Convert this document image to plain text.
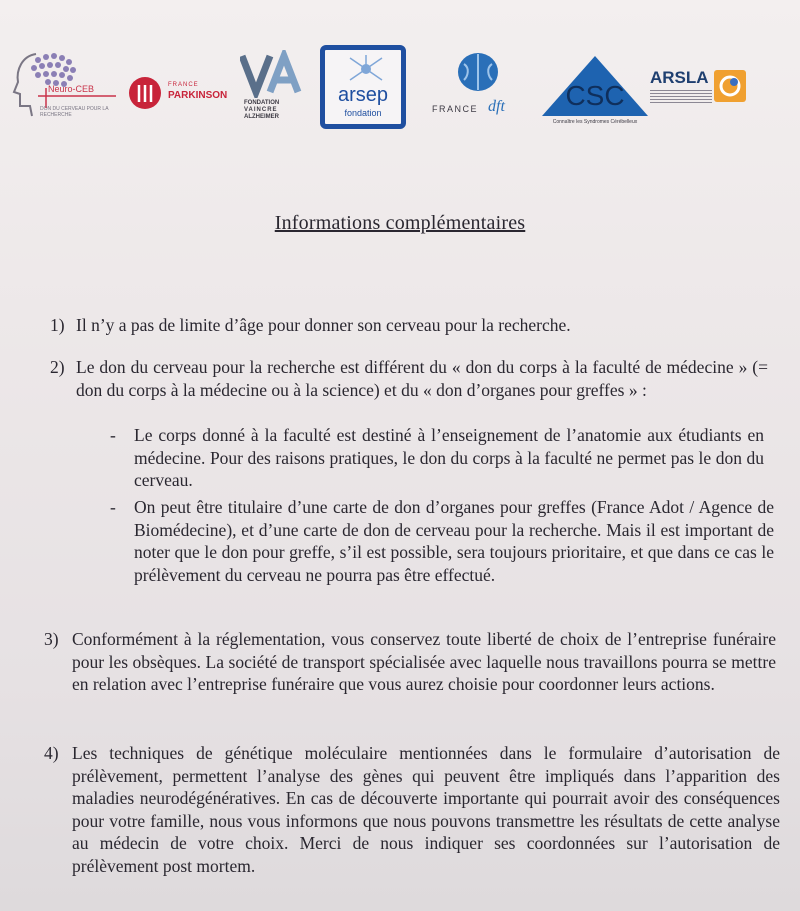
Neuro-CEB
DON DU CERVEAU POUR LA RECHERCHE
FRANCE
PARKINSON
FONDATION
VAINCRE
ALZHEIMER
arsep
fondation	FRANCE dft	CSC
Connaître les Syndromes Cérébelleux
ARSLA
Informations complémentaires
1) Il n’y a pas de limite d’âge pour donner son cerveau pour la recherche.
2) Le don du cerveau pour la recherche est différent du « don du corps à la faculté de médecine » (= don du corps à la médecine ou à la science) et du « don d’organes pour greffes » :
- Le corps donné à la faculté est destiné à l’enseignement de l’anatomie aux étudiants en médecine. Pour des raisons pratiques, le don du corps à la faculté ne permet pas le don du cerveau.
- On peut être titulaire d’une carte de don d’organes pour greffes (France Adot / Agence de Biomédecine), et d’une carte de don de cerveau pour la recherche. Mais il est important de noter que le don pour greffe, s’il est possible, sera toujours prioritaire, et que dans ce cas le prélèvement du cerveau ne pourra pas être effectué.
3) Conformément à la réglementation, vous conservez toute liberté de choix de l’entreprise funéraire pour les obsèques. La société de transport spécialisée avec laquelle nous travaillons pourra se mettre en relation avec l’entreprise funéraire que vous aurez choisie pour coordonner leurs actions.
4) Les techniques de génétique moléculaire mentionnées dans le formulaire d’autorisation de prélèvement, permettent l’analyse des gènes qui peuvent être impliqués dans l’apparition des maladies neurodégénératives. En cas de découverte importante qui pourrait avoir des conséquences pour votre famille, nous vous informons que nous pouvons transmettre les résultats de cette analyse au médecin de votre choix. Merci de nous indiquer ses coordonnées sur l’autorisation de prélèvement post mortem.
